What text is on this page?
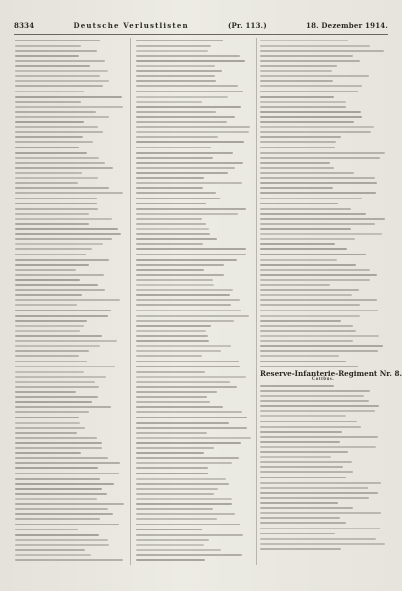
8334	Deutsche Verlustlisten	(Pr. 113.)	18. Dezember 1914.
Reserve-Infanterie-Regiment Nr. 8.
Cottbus.
